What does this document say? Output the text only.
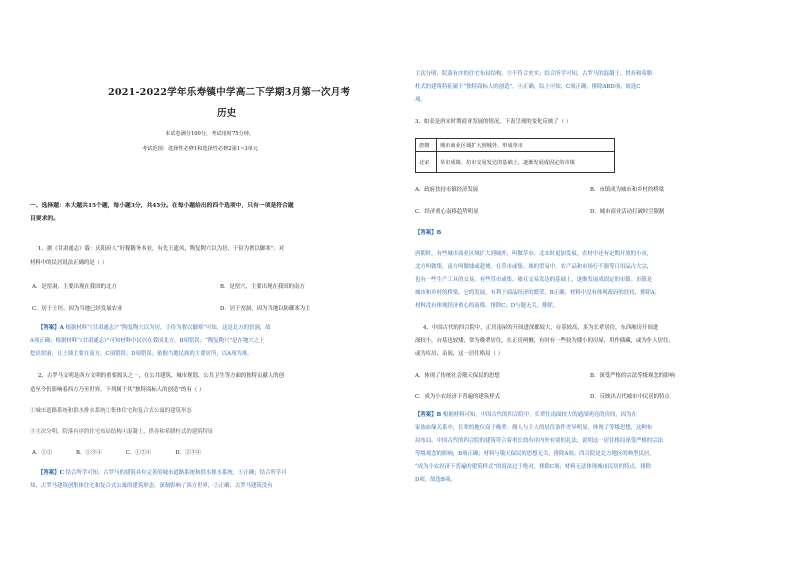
2021-2022学年乐寿镇中学高二下学期3月第一次月考
历史
本试卷满分100分，考试用时75分钟。
考试范围：选择性必修1和选择性必修2第1~3单元
一、选择题：本大题共15个题，每小题3分，共45分。在每小题给出的四个选项中，只有一项是符合题
目要求的。
1、据《甘肃通志》载：庆阳府人“好稼穑务本业，有先王遗风，陶复陶穴以为居，于俭为奢以御寒”。对
材料中的民居说法正确的是（ ）
A．是窑洞，主要出现在我国的北方	B．是窑穴，主要出现在我国的南方
C．居于土坯，因为当地已经发展农业	D．居于窑洞，因为当地以防御寒为主
【答案】A 根据材料“《甘肃通志》”“陶复陶穴以为居，于俭为奢以御寒”可知，这是北方的窑洞，故
A项正确；根据材料“《甘肃通志》”可知材料中民居在我国北方，B项错误；“陶复陶穴”是在地穴之上
挖出窑洞，且土墙主要在南方，C项错误；D项错误；依据当地民族的主要居所，以A项为准。
2、古罗马文明是西方文明的重要源头之一，在公共建筑、城市规划、公共卫生等方面的独特贡献人的创
造至今仍影响着西方乃至世界。下列属于其“独特商标人的创造”的有（ ）
①城市道路系统和供水排水系统②集体住宅和复合式公寓的建筑形态
③主次分明、院落有序的住宅布局结构④混凝土、拱券和希腊柱式的建筑特征
A．①②              B．①③④              C．①②④              D．②③④
【答案】C 结合所学可知，古罗马的建筑具有完善的城市道路系统和供水排水系统，①正确；结合所学可
知，古罗马建筑创集体住宅和复合式公寓的建筑形态，深刻影响了西方世界，②正确；古罗马建筑没有
主次分明、院落有序的住宅布局结构，③不符合史实；结合所学可知，古罗马的混凝土、拱券和希腊
柱式的建筑特征属于“独特商标人的创造”，④正确，综上可知，C项正确，排除ABD项，故选C
项。
3、如表是唐宋时期商业发展的情况，下表呈现的变化反映了（ ）
唐朝	城市商业区域扩大到城外，形成草市
北宋	草市成镇、坊市交易发达的基础上，逐渐发展成固定的市镇
A．政府扶持市镇经济发展	B．市镇成为城市和乡村的桥梁
C．经济重心南移趋势明显	D．城市商业活动打破时空限制
【答案】B
唐朝时，有些城市商业区域扩大到城外，叫做草市。北宋时更加发展。农村中还有定期开放的小市，
北方叫做集，南方叫做墟或趁墟。在草市或集、墟的贸易中，农产品和市场行不器等日用品占大宗，
也有一些生产工具的交易。有些草市或集、墟在交易发达的基础上，逐渐发展成固定的市镇。市镇是
城市和乡村的桥梁，它的发展，有利于商品经济的繁荣，B正确；材料中没有体现政府的扶持，排除A；
材料没有体现经济重心的南移，排除C；D与题无关，排除。
4、中国古代的四合院中，正房南屋的开间进深都较大，台基较高，多为长辈居住，东西厢房开间进
深较小，台基也较矮，常为晚辈居住，在正房两侧，有时有一些较为矮小的房屋，用作储藏，或为仆人居住，
或为库房、杂间，这一居住格局（ ）
A．体现了传统社会敬天保民的思想	B．深受严格的宗法等级观念的影响
C．成为小农经济下普遍的建筑样式	D．反映出古代城市中民居的特点
【答案】B 根据材料可知，中国古代的四合院中，长辈住南面较大的通深明亮的房间，因为在
家族血缘关系中，长辈的地位高于晚辈；佣人与主人的居住条件差异明显，体现了等级思想，这种布
局布局，中国古代的四合院的建筑符合着重长幼有序内外有别的礼法，说明这一居住格局深受严格的宗法
等级观念的影响，B项正确；材料与敬天保民的思想无关，排除A项；四合院是北方地区的典型民居，
“成为小农经济下普遍的建筑样式”的说法过于绝对，排除C项；材料无法体现城市民居的特点，排除
D项。故选B项。
